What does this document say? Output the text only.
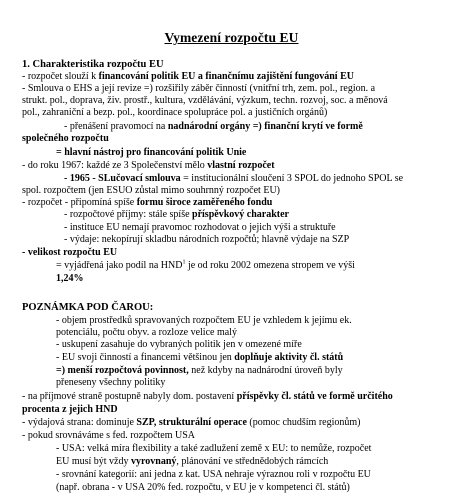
Vymezení rozpočtu EU
1. Charakteristika rozpočtu EU
- rozpočet slouží k financování politik EU a finančnímu zajištění fungování EU
- Smlouva o EHS a její revize =) rozšiřily záběr činností (vnitřní trh, zem. pol., region. a
strukt. pol., doprava, živ. prostř., kultura, vzdělávání, výzkum, techn. rozvoj, soc. a měnová
pol., zahraniční a bezp. pol., koordinace spolupráce pol. a justičních orgánů)
- přenášení pravomocí na nadnárodní orgány =) finanční krytí ve formě
společného rozpočtu
= hlavní nástroj pro financování politik Unie
- do roku 1967: každé ze 3 Společenství mělo vlastní rozpočet
- 1965 - SLučovací smlouva = institucionální sloučení 3 SPOL do jednoho SPOL se
spol. rozpočtem (jen ESUO zůstal mimo souhrnný rozpočet EU)
- rozpočet - připomíná spíše formu široce zaměřeného fondu
- rozpočtové příjmy: stále spíše příspěvkový charakter
- instituce EU nemají pravomoc rozhodovat o jejich výši a struktuře
- výdaje: nekopírují skladbu národních rozpočtů; hlavně výdaje na SZP
- velikost rozpočtu EU
= vyjádřená jako podíl na HND$^1$ je od roku 2002 omezena stropem ve výši
1,24%
POZNÁMKA POD ČAROU:
- objem prostředků spravovaných rozpočtem EU je vzhledem k jejímu ek.
potenciálu, počtu obyv. a rozloze velice malý
- uskupení zasahuje do vybraných politik jen v omezené míře
- EU svoji činností a financemi většinou jen doplňuje aktivity čl. států
=) menší rozpočtová povinnost, než kdyby na nadnárodní úroveň byly
přeneseny všechny politiky
- na příjmové straně postupně nabyly dom. postavení příspěvky čl. států ve formě určitého
procenta z jejich HND
- výdajová strana: dominuje SZP, strukturální operace (pomoc chudším regionům)
- pokud srovnáváme s fed. rozpočtem USA
- USA: velká míra flexibility a také zadlužení země x EU: to nemůže, rozpočet
EU musí být vždy vyrovnaný, plánování ve střednědobých rámcích
- srovnání kategorií: ani jedna z kat. USA nehraje výraznou roli v rozpočtu EU
(např. obrana - v USA 20% fed. rozpočtu, v EU je v kompetenci čl. států)
